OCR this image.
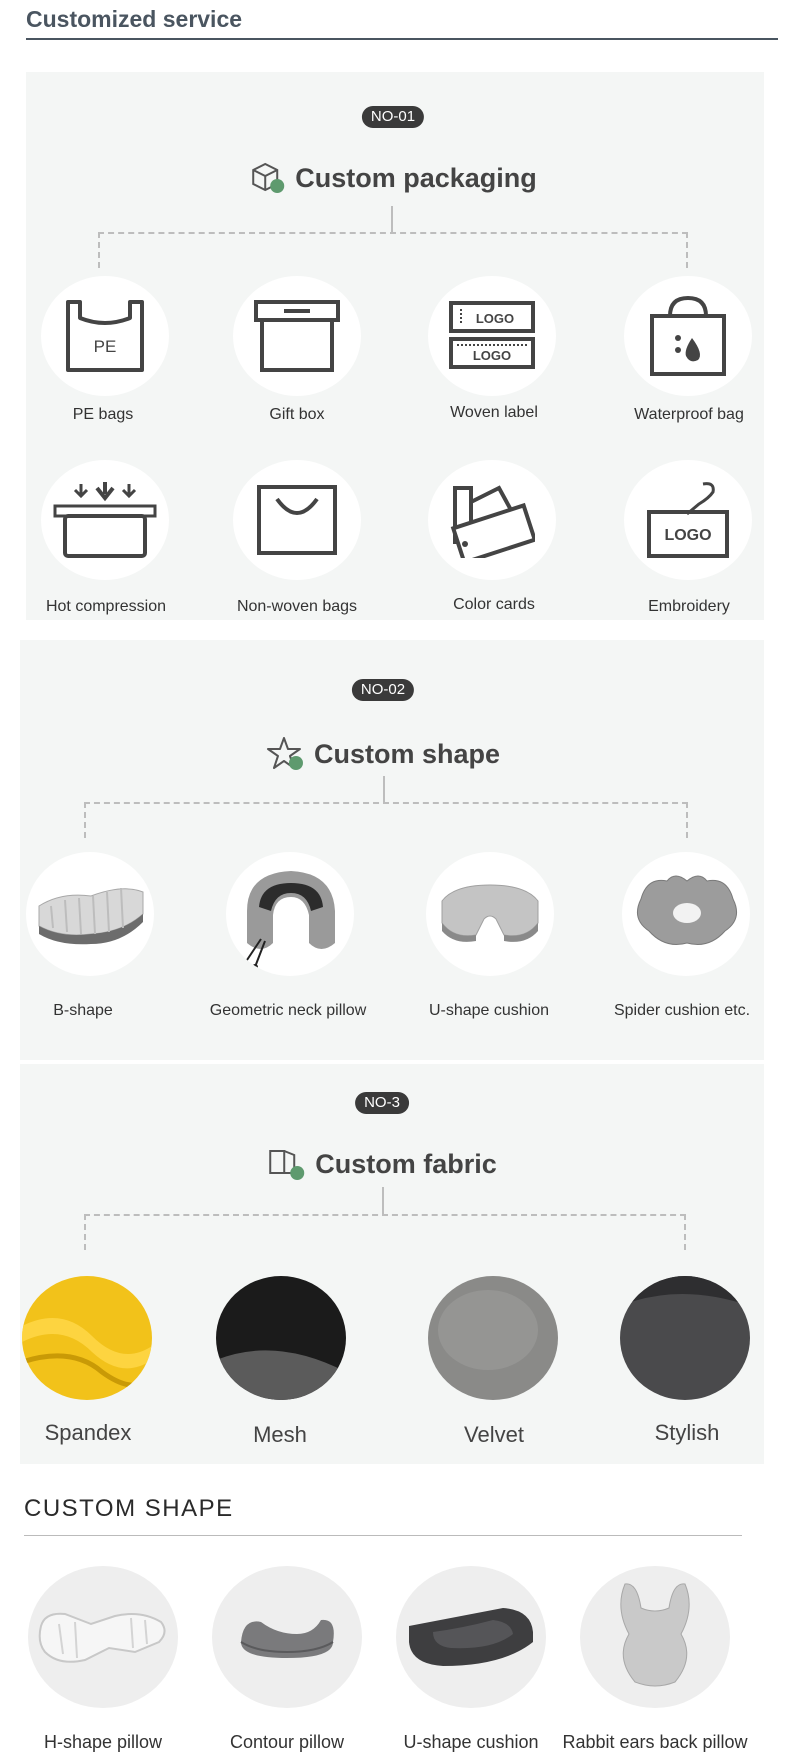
Customized service
NO-01
Custom packaging
PE
PE bags	Gift box
LOGO
LOGO
Woven label	Waterproof bag
Hot compression	Non-woven bags	Color cards
LOGO
Embroidery
NO-02
Custom shape
B-shape	Geometric neck pillow	U-shape cushion	Spider cushion etc.
NO-3
Custom fabric
Spandex	Mesh	Velvet	Stylish
CUSTOM SHAPE
H-shape pillow	Contour pillow	U-shape cushion	Rabbit ears back pillow
